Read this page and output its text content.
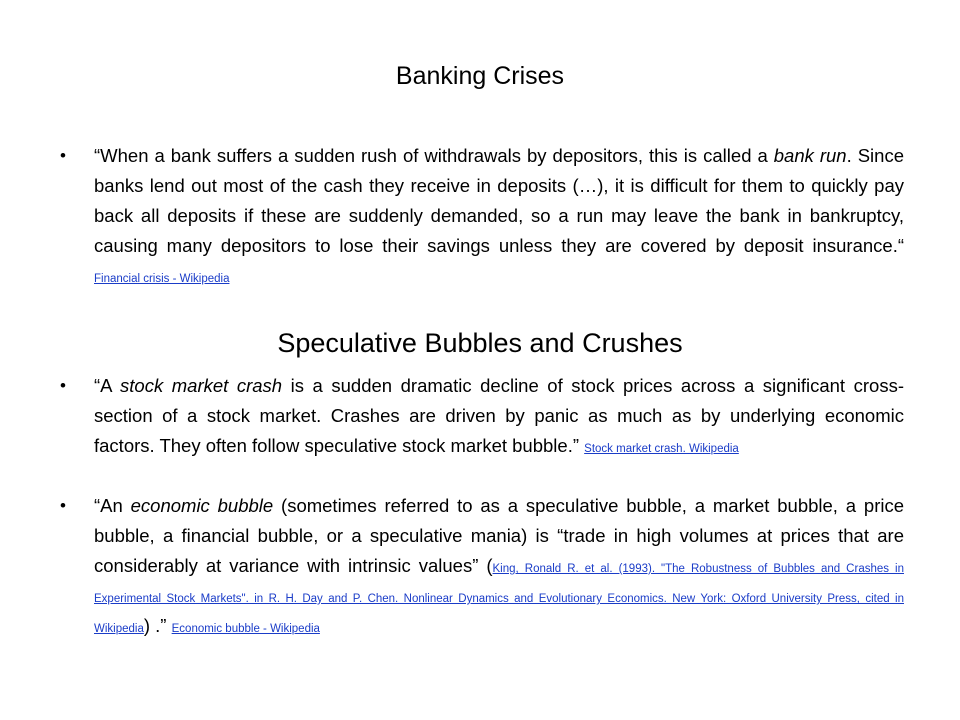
Banking Crises
• “When a bank suffers a sudden rush of withdrawals by depositors, this is called a bank run. Since banks lend out most of the cash they receive in deposits (…), it is difficult for them to quickly pay back all deposits if these are suddenly demanded, so a run may leave the bank in bankruptcy, causing many depositors to lose their savings unless they are covered by deposit insurance.“ Financial crisis - Wikipedia
Speculative Bubbles and Crushes
• “A stock market crash is a sudden dramatic decline of stock prices across a significant cross-section of a stock market. Crashes are driven by panic as much as by underlying economic factors. They often follow speculative stock market bubble.” Stock market crash. Wikipedia
• “An economic bubble (sometimes referred to as a speculative bubble, a market bubble, a price bubble, a financial bubble, or a speculative mania) is “trade in high volumes at prices that are considerably at variance with intrinsic values” (King, Ronald R. et al. (1993). "The Robustness of Bubbles and Crashes in Experimental Stock Markets". in R. H. Day and P. Chen. Nonlinear Dynamics and Evolutionary Economics. New York: Oxford University Press, cited in Wikipedia) .” Economic bubble - Wikipedia
